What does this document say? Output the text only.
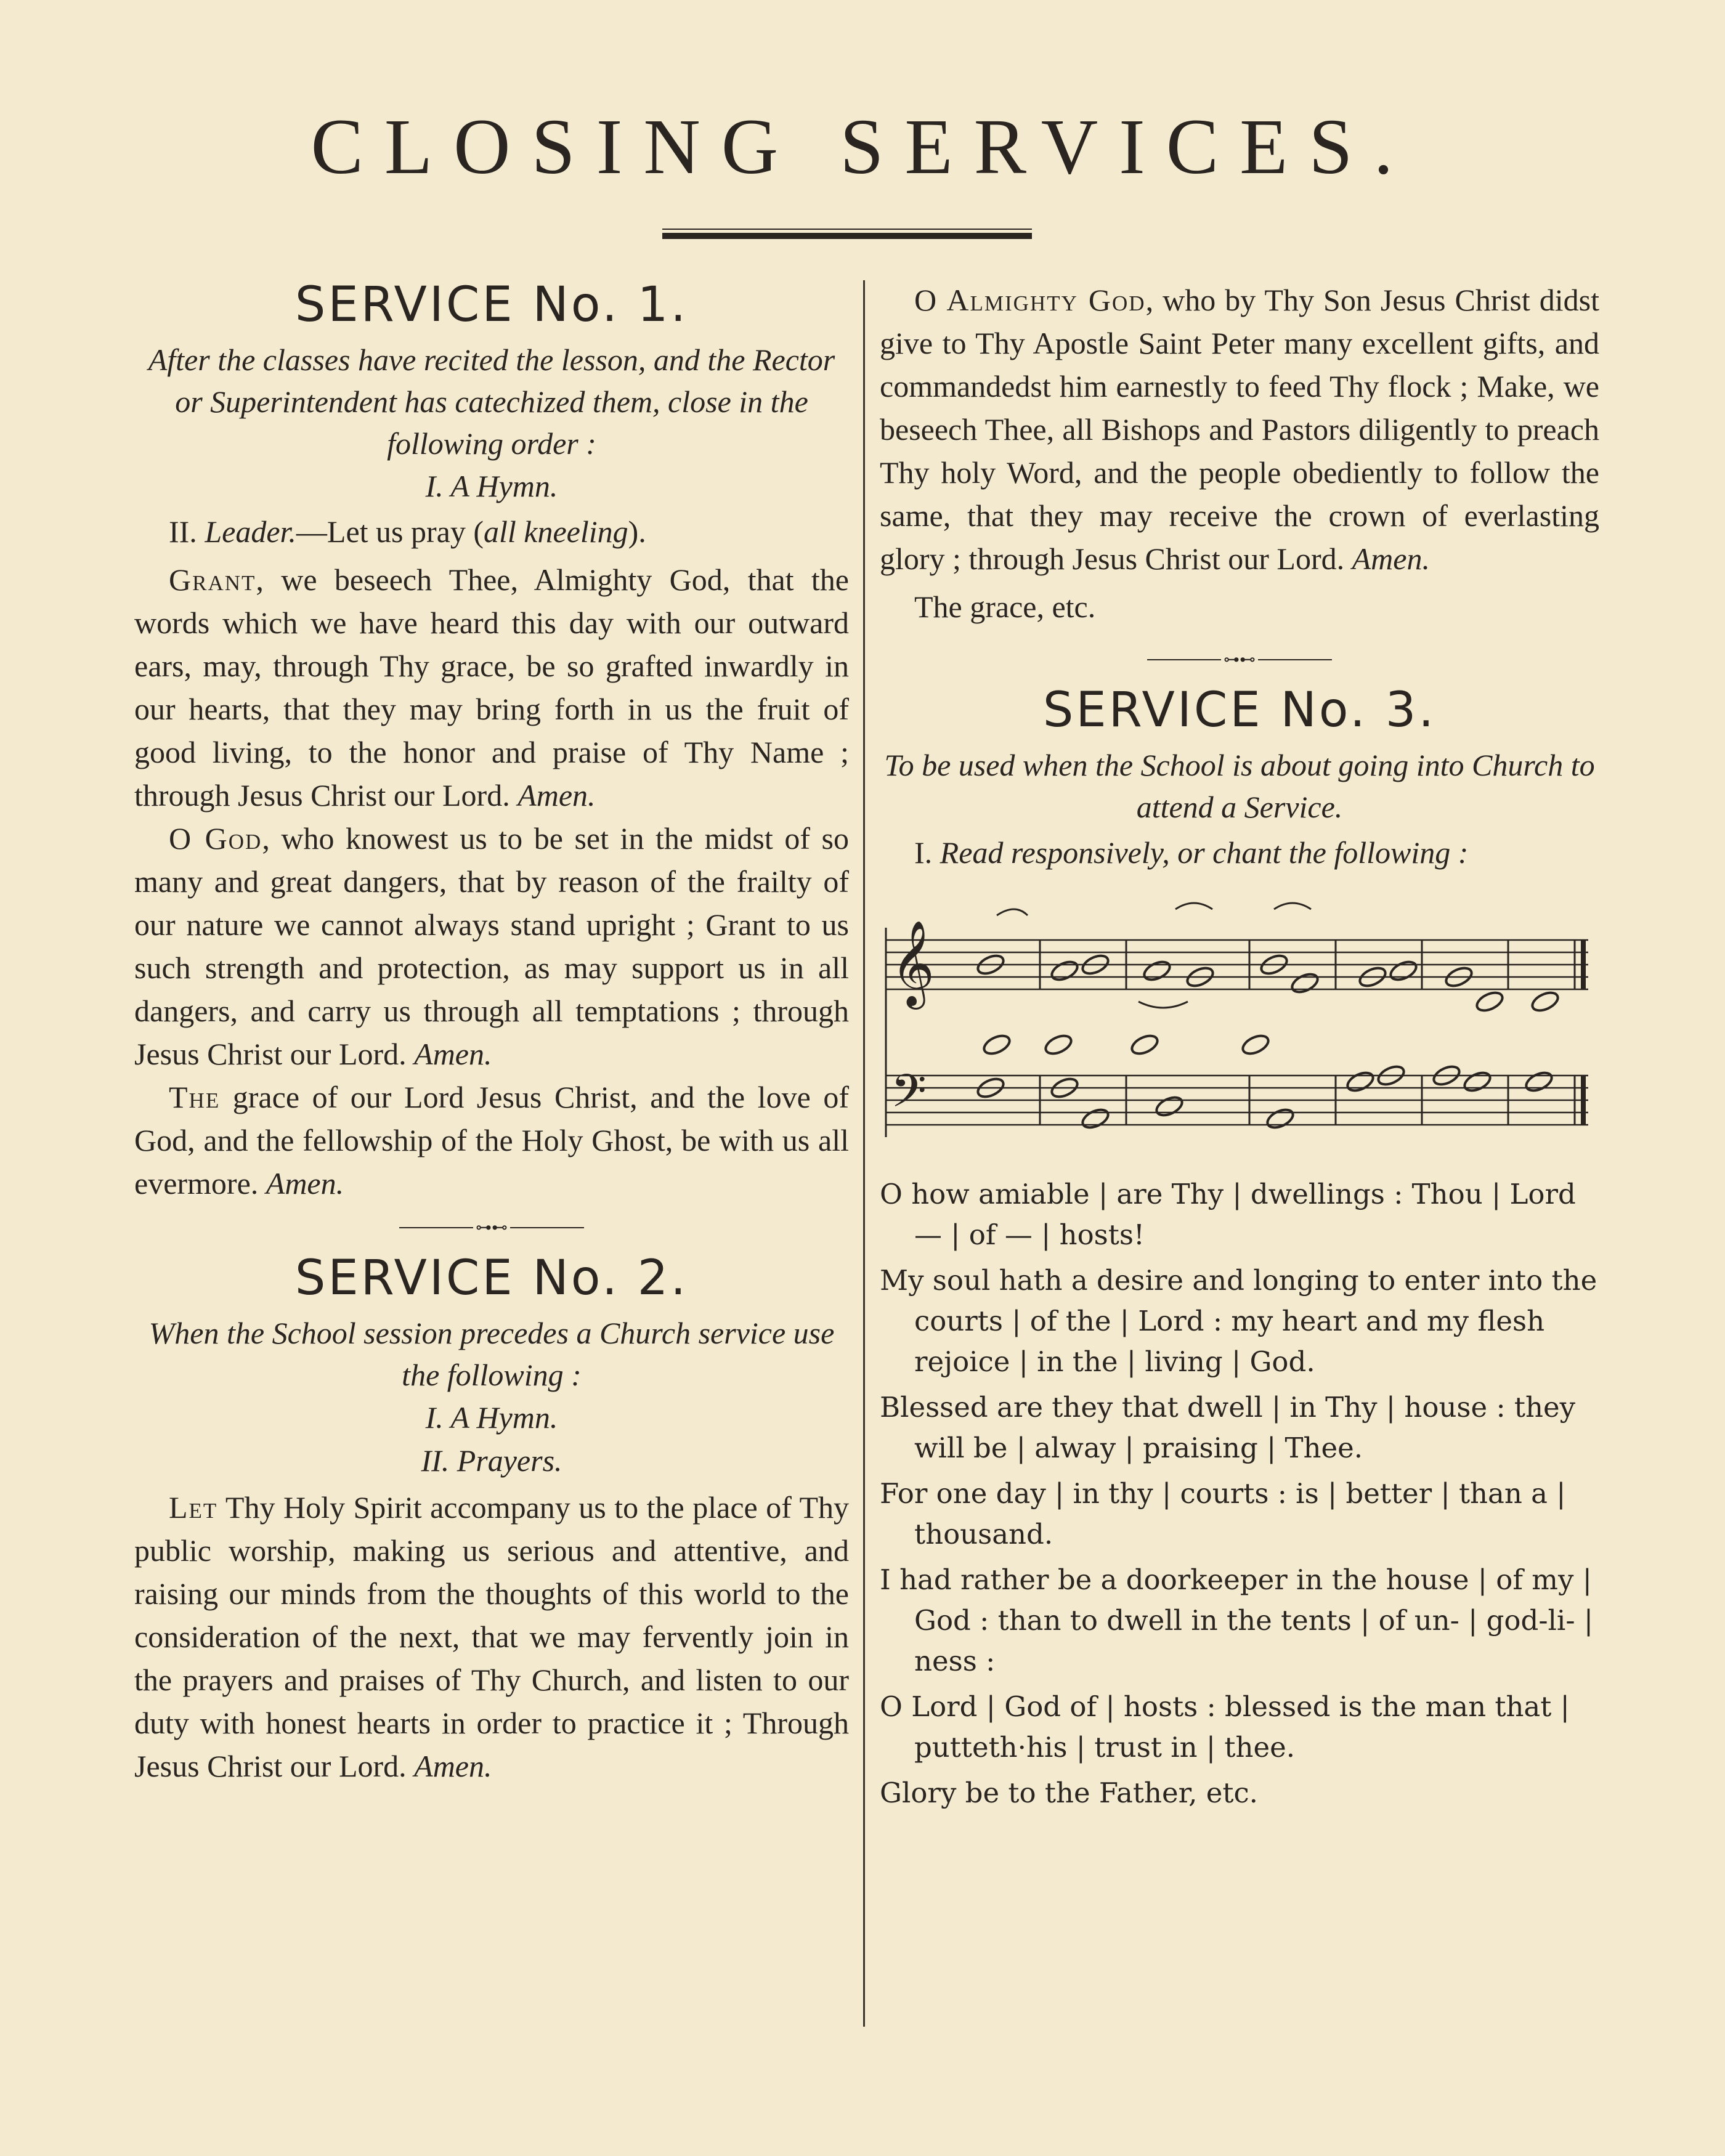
CLOSING SERVICES.
SERVICE No. 1.

After the classes have recited the lesson, and the Rector or Superintendent has catechized them, close in the following order :

I. A Hymn.

II. Leader.—Let us pray (all kneeling).

Grant, we beseech Thee, Almighty God, that the words which we have heard this day with our outward ears, may, through Thy grace, be so grafted inwardly in our hearts, that they may bring forth in us the fruit of good living, to the honor and praise of Thy Name ; through Jesus Christ our Lord. Amen.

O God, who knowest us to be set in the midst of so many and great dangers, that by reason of the frailty of our nature we cannot always stand upright ; Grant to us such strength and protection, as may support us in all dangers, and carry us through all temptations ; through Jesus Christ our Lord. Amen.

The grace of our Lord Jesus Christ, and the love of God, and the fellowship of the Holy Ghost, be with us all evermore. Amen.

⊶⊷
SERVICE No. 2.

When the School session precedes a Church service use the following :

I. A Hymn.

II. Prayers.

Let Thy Holy Spirit accompany us to the place of Thy public worship, making us serious and attentive, and raising our minds from the thoughts of this world to the consideration of the next, that we may fervently join in the prayers and praises of Thy Church, and listen to our duty with honest hearts in order to practice it ; Through Jesus Christ our Lord. Amen.

O Almighty God, who by Thy Son Jesus Christ didst give to Thy Apostle Saint Peter many excellent gifts, and commandedst him earnestly to feed Thy flock ; Make, we beseech Thee, all Bishops and Pastors diligently to preach Thy holy Word, and the people obediently to follow the same, that they may receive the crown of everlasting glory ; through Jesus Christ our Lord. Amen.

The grace, etc.

⊶⊷
SERVICE No. 3.

To be used when the School is about going into Church to attend a Service.

I. Read responsively, or chant the following :

𝄞
𝄢

O how amiable | are Thy | dwellings : Thou | Lord — | of — | hosts!

My soul hath a desire and longing to enter into the courts | of the | Lord : my heart and my flesh rejoice | in the | living | God.

Blessed are they that dwell | in Thy | house : they will be | alway | praising | Thee.

For one day | in thy | courts : is | better | than a | thousand.

I had rather be a doorkeeper in the house | of my | God : than to dwell in the tents | of un- | god-li- | ness :

O Lord | God of | hosts : blessed is the man that | putteth·his | trust in | thee.

Glory be to the Father, etc.
